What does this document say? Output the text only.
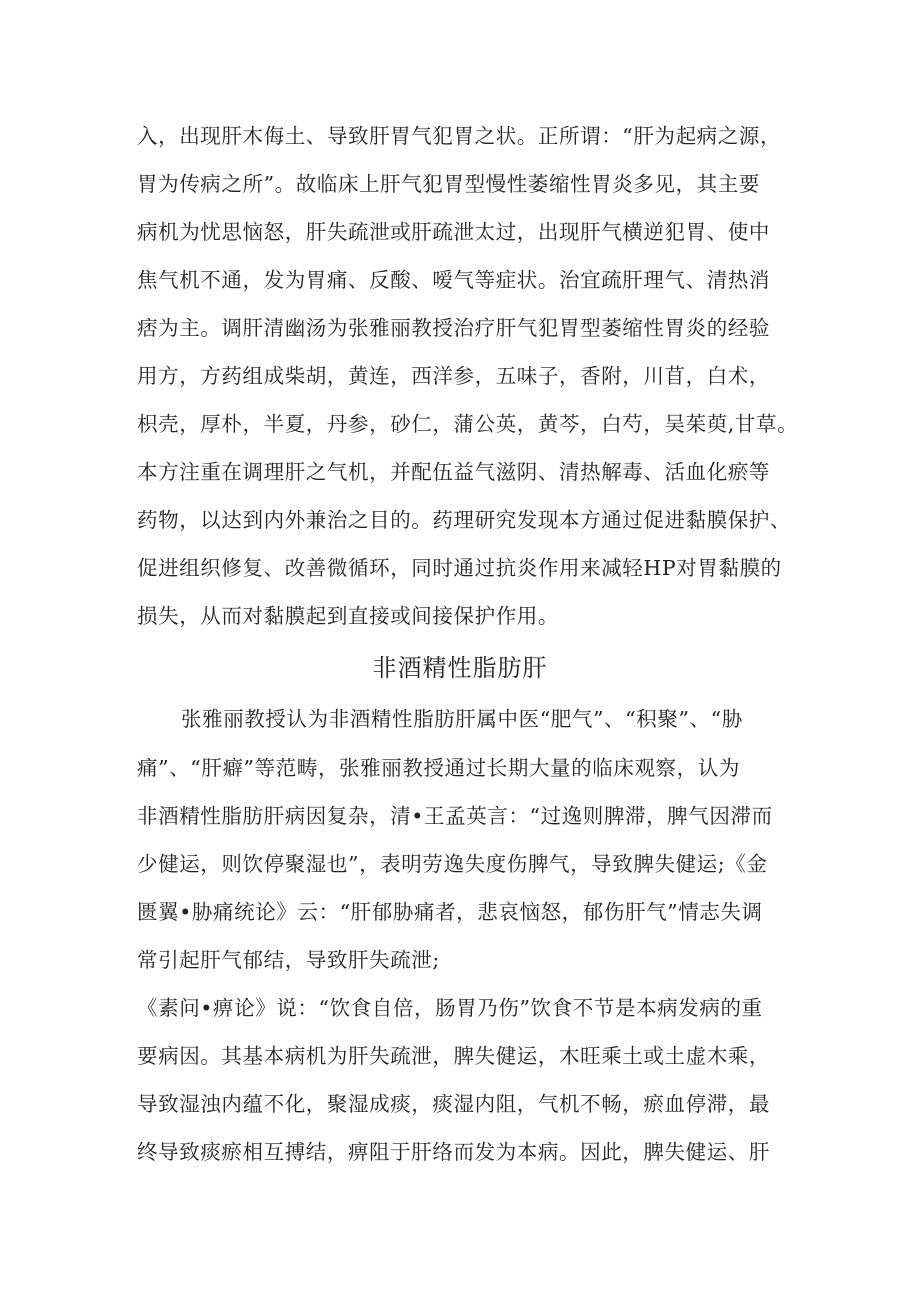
入，出现肝木侮土、导致肝胃气犯胃之状。正所谓：“肝为起病之源，
胃为传病之所”。故临床上肝气犯胃型慢性萎缩性胃炎多见，其主要
病机为忧思恼怒，肝失疏泄或肝疏泄太过，出现肝气横逆犯胃、使中
焦气机不通，发为胃痛、反酸、嗳气等症状。治宜疏肝理气、清热消
痞为主。调肝清幽汤为张雅丽教授治疗肝气犯胃型萎缩性胃炎的经验
用方，方药组成柴胡，黄连，西洋参，五味子，香附，川苜，白术，
枳壳，厚朴，半夏，丹参，砂仁，蒲公英，黄芩，白芍，吴茱萸,甘草。
本方注重在调理肝之气机，并配伍益气滋阴、清热解毒、活血化瘀等
药物，以达到内外兼治之目的。药理研究发现本方通过促进黏膜保护、
促进组织修复、改善微循环，同时通过抗炎作用来减轻HP对胃黏膜的
损失，从而对黏膜起到直接或间接保护作用。
非酒精性脂肪肝
张雅丽教授认为非酒精性脂肪肝属中医“肥气”、“积聚”、“胁
痛”、“肝癖”等范畴，张雅丽教授通过长期大量的临床观察，认为
非酒精性脂肪肝病因复杂，清•王孟英言：“过逸则脾滞，脾气因滞而
少健运，则饮停聚湿也”，表明劳逸失度伤脾气，导致脾失健运;《金
匮翼•胁痛统论》云：“肝郁胁痛者，悲哀恼怒，郁伤肝气”情志失调
常引起肝气郁结，导致肝失疏泄;
《素问•痹论》说：“饮食自倍，肠胃乃伤”饮食不节是本病发病的重
要病因。其基本病机为肝失疏泄，脾失健运，木旺乘土或土虚木乘，
导致湿浊内蕴不化，聚湿成痰，痰湿内阻，气机不畅，瘀血停滞，最
终导致痰瘀相互搏结，痹阻于肝络而发为本病。因此，脾失健运、肝
